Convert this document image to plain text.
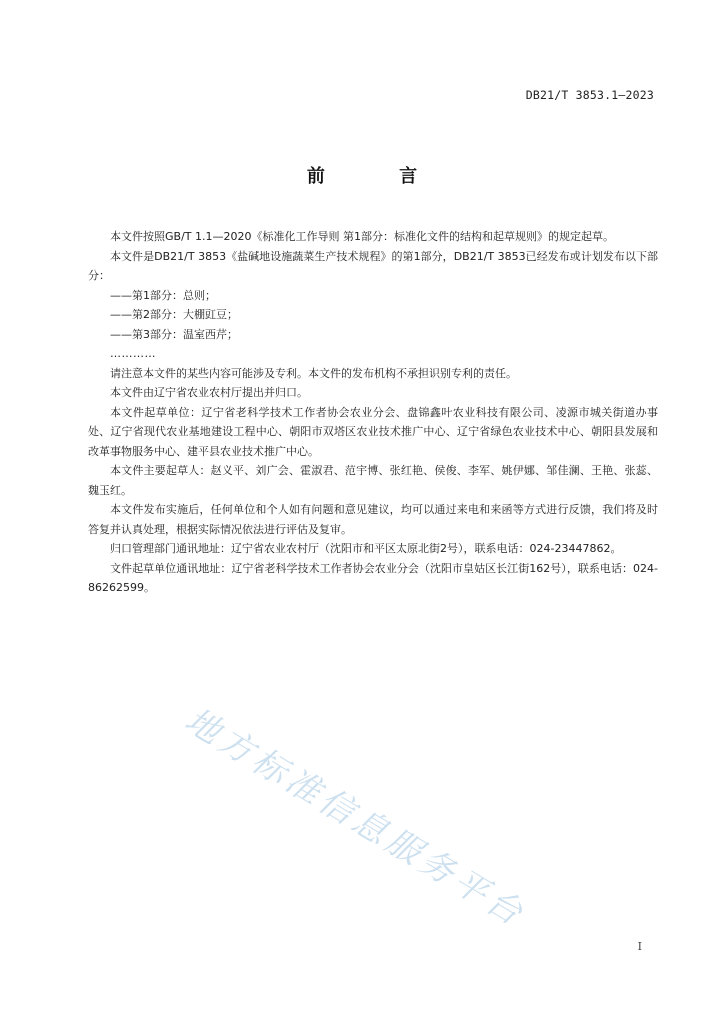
DB21/T 3853.1—2023
前 言

本文件按照GB/T 1.1—2020《标准化工作导则 第1部分：标准化文件的结构和起草规则》的规定起草。

本文件是DB21/T 3853《盐碱地设施蔬菜生产技术规程》的第1部分，DB21/T 3853已经发布或计划发布以下部分：

——第1部分：总则；

——第2部分：大棚豇豆；

——第3部分：温室西芹；

…………

请注意本文件的某些内容可能涉及专利。本文件的发布机构不承担识别专利的责任。

本文件由辽宁省农业农村厅提出并归口。

本文件起草单位：辽宁省老科学技术工作者协会农业分会、盘锦鑫叶农业科技有限公司、凌源市城关街道办事处、辽宁省现代农业基地建设工程中心、朝阳市双塔区农业技术推广中心、辽宁省绿色农业技术中心、朝阳县发展和改革事物服务中心、建平县农业技术推广中心。

本文件主要起草人：赵义平、刘广会、霍淑君、范宇博、张红艳、侯俊、李军、姚伊娜、邹佳澜、王艳、张蕊、魏玉红。

本文件发布实施后，任何单位和个人如有问题和意见建议，均可以通过来电和来函等方式进行反馈，我们将及时答复并认真处理，根据实际情况依法进行评估及复审。

归口管理部门通讯地址：辽宁省农业农村厅（沈阳市和平区太原北街2号），联系电话：024-23447862。

文件起草单位通讯地址：辽宁省老科学技术工作者协会农业分会（沈阳市皇姑区长江街162号），联系电话：024-86262599。

地方标准信息服务平台
I
